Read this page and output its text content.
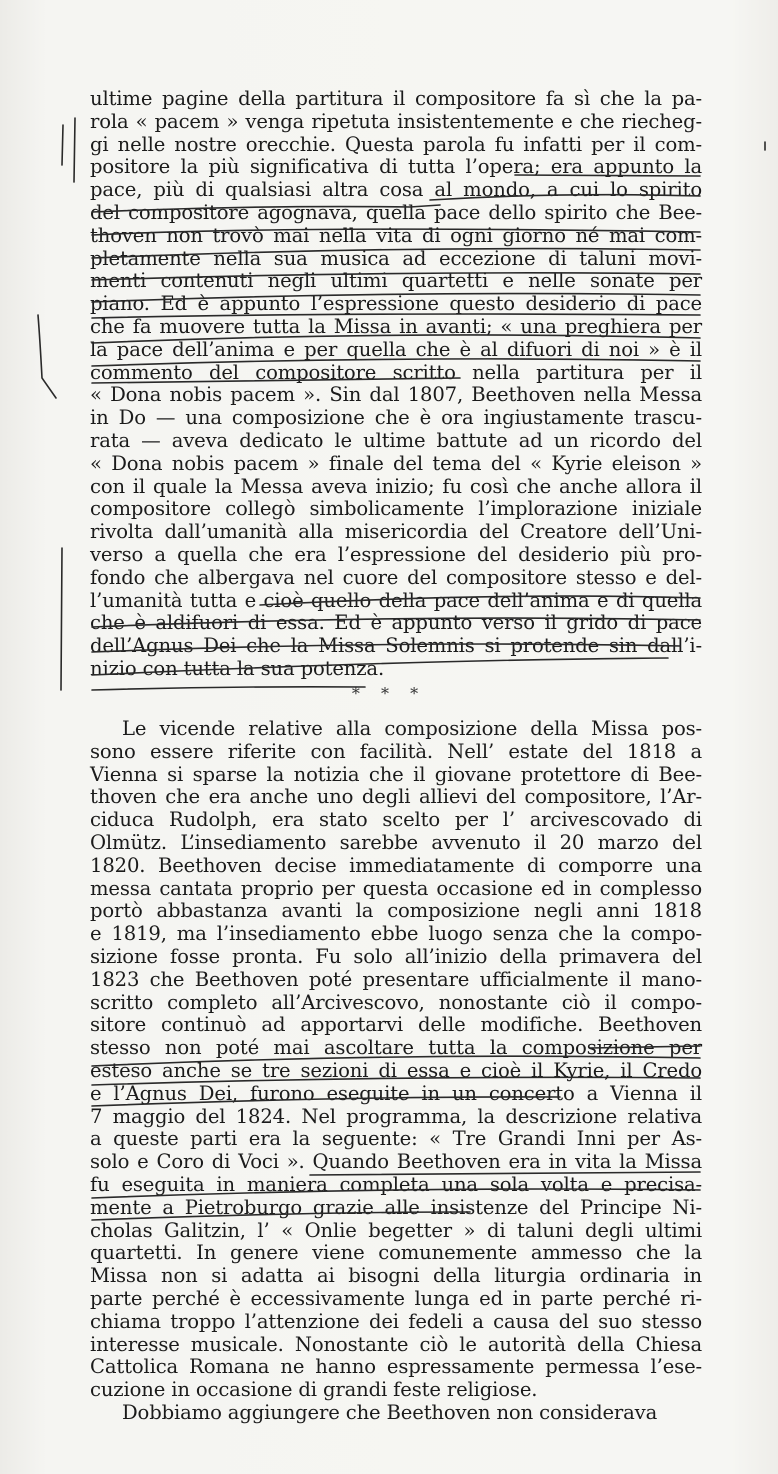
ultime pagine della partitura il compositore fa sì che la pa-
rola « pacem » venga ripetuta insistentemente e che riecheg-
gi nelle nostre orecchie. Questa parola fu infatti per il com-
positore la più significativa di tutta l’opera; era appunto la
pace, più di qualsiasi altra cosa al mondo, a cui lo spirito
del compositore agognava, quella pace dello spirito che Bee-
thoven non trovò mai nella vita di ogni giorno né mai com-
pletamente nella sua musica ad eccezione di taluni movi-
menti contenuti negli ultimi quartetti e nelle sonate per
piano. Ed è appunto l’espressione questo desiderio di pace
che fa muovere tutta la Missa in avanti; « una preghiera per
la pace dell’anima e per quella che è al difuori di noi » è il
commento del compositore scritto nella partitura per il
« Dona nobis pacem ». Sin dal 1807, Beethoven nella Messa
in Do — una composizione che è ora ingiustamente trascu-
rata — aveva dedicato le ultime battute ad un ricordo del
« Dona nobis pacem » finale del tema del « Kyrie eleison »
con il quale la Messa aveva inizio; fu così che anche allora il
compositore collegò simbolicamente l’implorazione iniziale
rivolta dall’umanità alla misericordia del Creatore dell’Uni-
verso a quella che era l’espressione del desiderio più pro-
fondo che albergava nel cuore del compositore stesso e del-
l’umanità tutta e cioè quello della pace dell’anima e di quella
che è aldifuori di essa. Ed è appunto verso il grido di pace
dell’Agnus Dei che la Missa Solemnis si protende sin dall’i-
nizio con tutta la sua potenza.
* * *
Le vicende relative alla composizione della Missa pos-
sono essere riferite con facilità. Nell’ estate del 1818 a
Vienna si sparse la notizia che il giovane protettore di Bee-
thoven che era anche uno degli allievi del compositore, l’Ar-
ciduca Rudolph, era stato scelto per l’ arcivescovado di
Olmütz. L’insediamento sarebbe avvenuto il 20 marzo del
1820. Beethoven decise immediatamente di comporre una
messa cantata proprio per questa occasione ed in complesso
portò abbastanza avanti la composizione negli anni 1818
e 1819, ma l’insediamento ebbe luogo senza che la compo-
sizione fosse pronta. Fu solo all’inizio della primavera del
1823 che Beethoven poté presentare ufficialmente il mano-
scritto completo all’Arcivescovo, nonostante ciò il compo-
sitore continuò ad apportarvi delle modifiche. Beethoven
stesso non poté mai ascoltare tutta la composizione per
esteso anche se tre sezioni di essa e cioè il Kyrie, il Credo
e l’Agnus Dei, furono eseguite in un concerto a Vienna il
7 maggio del 1824. Nel programma, la descrizione relativa
a queste parti era la seguente: « Tre Grandi Inni per As-
solo e Coro di Voci ». Quando Beethoven era in vita la Missa
fu eseguita in maniera completa una sola volta e precisa-
mente a Pietroburgo grazie alle insistenze del Principe Ni-
cholas Galitzin, l’ « Onlie begetter » di taluni degli ultimi
quartetti. In genere viene comunemente ammesso che la
Missa non si adatta ai bisogni della liturgia ordinaria in
parte perché è eccessivamente lunga ed in parte perché ri-
chiama troppo l’attenzione dei fedeli a causa del suo stesso
interesse musicale. Nonostante ciò le autorità della Chiesa
Cattolica Romana ne hanno espressamente permessa l’ese-
cuzione in occasione di grandi feste religiose.
Dobbiamo aggiungere che Beethoven non considerava
